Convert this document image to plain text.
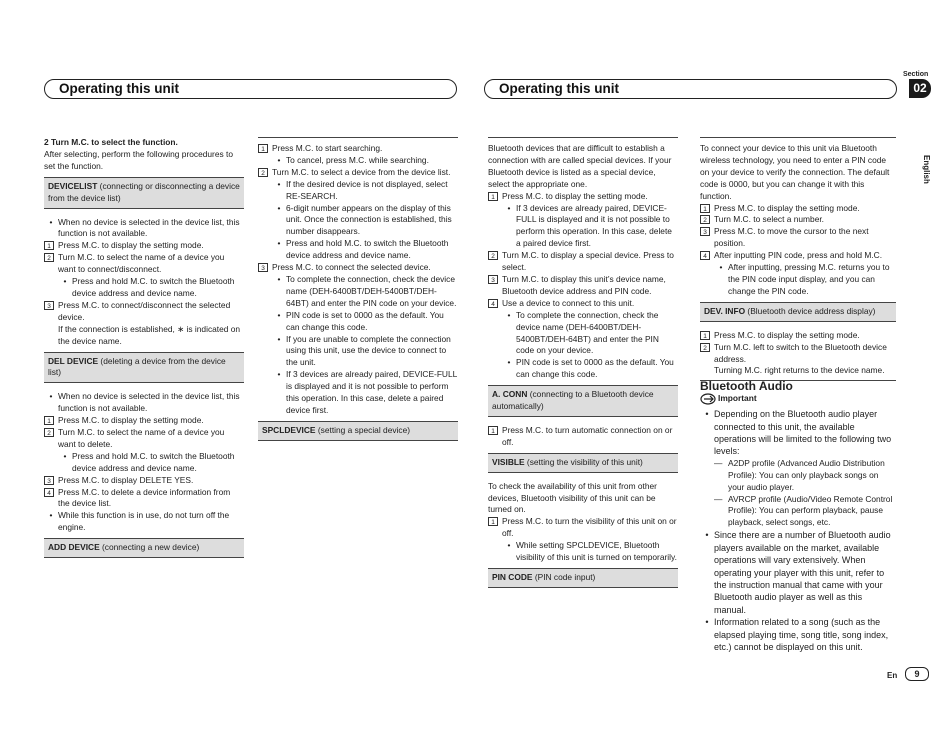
Operating this unit	Operating this unit
Section
02
English

2 Turn M.C. to select the function.

After selecting, perform the following procedures to set the function.

DEVICELIST (connecting or disconnecting a device from the device list)
• When no device is selected in the device list, this function is not available.
1 Press M.C. to display the setting mode.
2 Turn M.C. to select the name of a device you want to connect/disconnect.
• Press and hold M.C. to switch the Bluetooth device address and device name.
3 Press M.C. to connect/disconnect the selected device.

If the connection is established, ∗ is indicated on the device name.

DEL DEVICE (deleting a device from the device list)
• When no device is selected in the device list, this function is not available.
1 Press M.C. to display the setting mode.
2 Turn M.C. to select the name of a device you want to delete.
• Press and hold M.C. to switch the Bluetooth device address and device name.
3 Press M.C. to display DELETE YES.
4 Press M.C. to delete a device information from the device list.
• While this function is in use, do not turn off the engine.
ADD DEVICE (connecting a new device)
1 Press M.C. to start searching.
• To cancel, press M.C. while searching.
2 Turn M.C. to select a device from the device list.
• If the desired device is not displayed, select RE-SEARCH.
• 6-digit number appears on the display of this unit. Once the connection is established, this number disappears.
• Press and hold M.C. to switch the Bluetooth device address and device name.
3 Press M.C. to connect the selected device.
• To complete the connection, check the device name (DEH-6400BT/DEH-5400BT/DEH-64BT) and enter the PIN code on your device.
• PIN code is set to 0000 as the default. You can change this code.
• If you are unable to complete the connection using this unit, use the device to connect to the unit.
• If 3 devices are already paired, DEVICE-FULL is displayed and it is not possible to perform this operation. In this case, delete a paired device first.
SPCLDEVICE (setting a special device)

Bluetooth devices that are difficult to establish a connection with are called special devices. If your Bluetooth device is listed as a special device, select the appropriate one.

1 Press M.C. to display the setting mode.
• If 3 devices are already paired, DEVICE-FULL is displayed and it is not possible to perform this operation. In this case, delete a paired device first.
2 Turn M.C. to display a special device. Press to select.
3 Turn M.C. to display this unit’s device name, Bluetooth device address and PIN code.
4 Use a device to connect to this unit.
• To complete the connection, check the device name (DEH-6400BT/DEH-5400BT/DEH-64BT) and enter the PIN code on your device.
• PIN code is set to 0000 as the default. You can change this code.
A. CONN (connecting to a Bluetooth device automatically)
1 Press M.C. to turn automatic connection on or off.
VISIBLE (setting the visibility of this unit)

To check the availability of this unit from other devices, Bluetooth visibility of this unit can be turned on.

1 Press M.C. to turn the visibility of this unit on or off.
• While setting SPCLDEVICE, Bluetooth visibility of this unit is turned on temporarily.
PIN CODE (PIN code input)

To connect your device to this unit via Bluetooth wireless technology, you need to enter a PIN code on your device to verify the connection. The default code is 0000, but you can change it with this function.

1 Press M.C. to display the setting mode.
2 Turn M.C. to select a number.
3 Press M.C. to move the cursor to the next position.
4 After inputting PIN code, press and hold M.C.
• After inputting, pressing M.C. returns you to the PIN code input display, and you can change the PIN code.
DEV. INFO (Bluetooth device address display)
1 Press M.C. to display the setting mode.
2 Turn M.C. left to switch to the Bluetooth device address.

Turning M.C. right returns to the device name.

Bluetooth Audio

Important
• Depending on the Bluetooth audio player connected to this unit, the available operations will be limited to the following two levels:
— A2DP profile (Advanced Audio Distribution Profile): You can only playback songs on your audio player.
— AVRCP profile (Audio/Video Remote Control Profile): You can perform playback, pause playback, select songs, etc.
• Since there are a number of Bluetooth audio players available on the market, available operations will vary extensively. When operating your player with this unit, refer to the instruction manual that came with your Bluetooth audio player as well as this manual.
• Information related to a song (such as the elapsed playing time, song title, song index, etc.) cannot be displayed on this unit.
En	9
